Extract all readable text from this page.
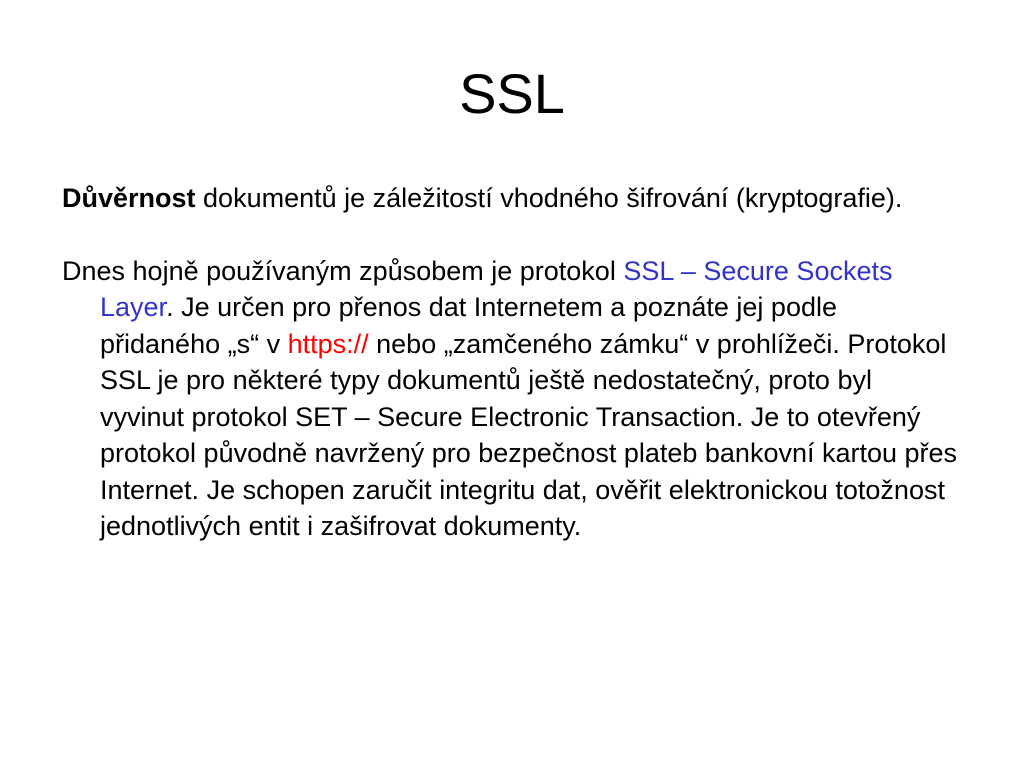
SSL

Důvěrnost dokumentů je záležitostí vhodného šifrování (kryptografie).

Dnes hojně používaným způsobem je protokol SSL – Secure Sockets Layer. Je určen pro přenos dat Internetem a poznáte jej podle přidaného „s“ v https:// nebo „zamčeného zámku“ v prohlížeči. Protokol SSL je pro některé typy dokumentů ještě nedostatečný, proto byl vyvinut protokol SET – Secure Electronic Transaction. Je to otevřený protokol původně navržený pro bezpečnost plateb bankovní kartou přes Internet. Je schopen zaručit integritu dat, ověřit elektronickou totožnost jednotlivých entit i zašifrovat dokumenty.
